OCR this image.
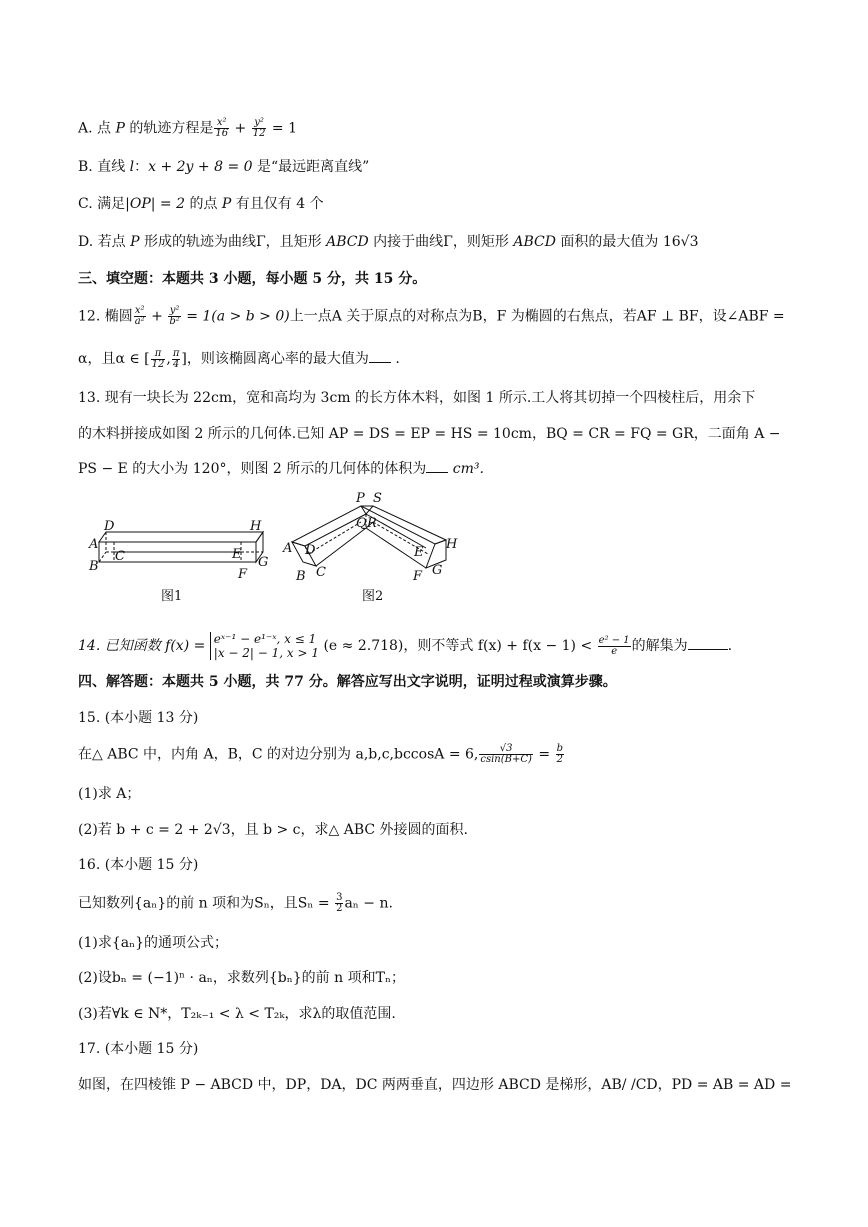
A. 点 P 的轨迹方程是 $\frac{\text{x²}}{16} + \frac{\text{y²}}{12} = 1$
B. 直线 l：x + 2y + 8 = 0 是“最远距离直线”
C. 满足|OP| = 2 的点 P 有且仅有 4 个
D. 若点 P 形成的轨迹为曲线Γ，且矩形 ABCD 内接于曲线Γ，则矩形 ABCD 面积的最大值为 16√3
三、填空题：本题共 3 小题，每小题 5 分，共 15 分。
12. 椭圆 $\frac{\text{x²}}{\text{a²}} + \frac{\text{y²}}{\text{b²}} = 1(a > b > 0)$上一点A 关于原点的对称点为B，F 为椭圆的右焦点，若AF ⊥ BF，设∠ABF =
α，且α ∈ [ $\frac{\pi}{12}$ , $\frac{\pi}{4}$ ]，则该椭圆离心率的最大值为 .
13. 现有一块长为 22cm，宽和高均为 3cm 的长方体木料，如图 1 所示.工人将其切掉一个四棱柱后，用余下
的木料拼接成如图 2 所示的几何体.已知 AP = DS = EP = HS = 10cm，BQ = CR = FQ = GR，二面角 A −
PS − E 的大小为 120°，则图 2 所示的几何体的体积为 cm³.
D
A
B
C
H
E
G
F
P S
Q R
A D
B C
E
H
F G
图1	图2
14. 已知函数 f(x) = eˣ⁻¹ − e¹⁻ˣ, x ≤ 1
|x − 2| − 1, x > 1 (e ≈ 2.718)，则不等式 $f(x) + f(x - 1) < \frac{\text{e² − 1}}{e}$ 的解集为	.
四、解答题：本题共 5 小题，共 77 分。解答应写出文字说明，证明过程或演算步骤。
15. (本小题 13 分)
在△ ABC 中，内角 A，B，C 的对边分别为 a,b,c,bccosA = 6, $\frac{√3}{csin(B+C)} = \frac{b}{2}$
(1)求 A；
(2)若 b + c = 2 + 2√3，且 b > c，求△ ABC 外接圆的面积.
16. (本小题 15 分)
已知数列{aₙ}的前 n 项和为Sₙ，且$S_n = \frac{3}{2}$ aₙ − n.
(1)求{aₙ}的通项公式；
(2)设bₙ = (−1)ⁿ · aₙ，求数列{bₙ}的前 n 项和Tₙ；
(3)若∀k ∈ N*，T₂ₖ₋₁ < λ < T₂ₖ，求λ的取值范围.
17. (本小题 15 分)
如图，在四棱锥 P − ABCD 中，DP，DA，DC 两两垂直，四边形 ABCD 是梯形，AB/ /CD，PD = AB = AD =
